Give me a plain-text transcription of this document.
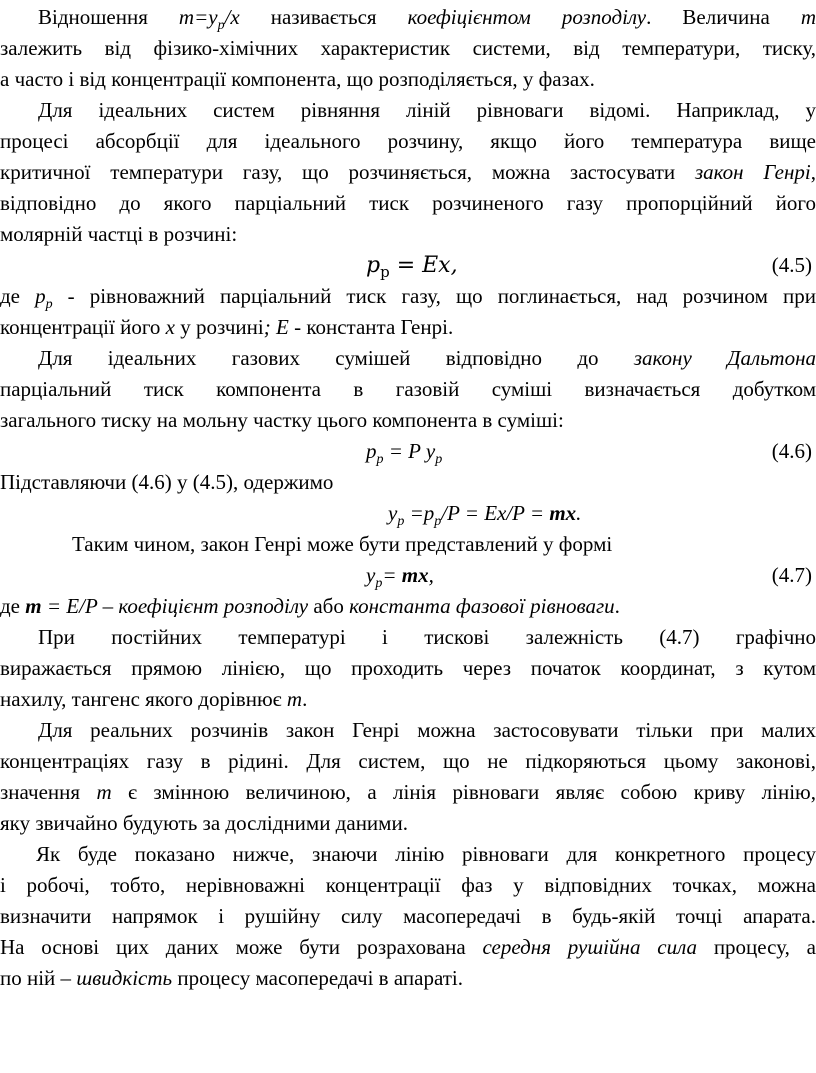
Відношення $m=y_p/x$ називається коефіцієнтом розподілу. Величина m
залежить від фізико-хімічних характеристик системи, від температури, тиску,
а часто і від концентрації компонента, що розподіляється, у фазах.
Для ідеальних систем рівняння ліній рівноваги відомі. Наприклад, у
процесі абсорбції для ідеального розчину, якщо його температура вище
критичної температури газу, що розчиняється, можна застосувати закон Генрі,
відповідно до якого парціальний тиск розчиненого газу пропорційний його
молярній частці в розчині:
$p_p = Ex$,	(4.5)
де $p_p$ - рівноважний парціальний тиск газу, що поглинається, над розчином при
концентрації його x у розчині; E - константа Генрі.
Для ідеальних газових сумішей відповідно до закону Дальтона
парціальний тиск компонента в газовій суміші визначається добутком
загального тиску на мольну частку цього компонента в суміші:
$p_p = P$ $y_p$	(4.6)
Підставляючи (4.6) у (4.5), одержимо
$y_p =p_p/P = Ex/P$ = mx.
Таким чином, закон Генрі може бути представлений у формі
$y_p=$ mx,	(4.7)
де m = E/P – коефіцієнт розподілу або константа фазової рівноваги.
При постійних температурі і тискові залежність (4.7) графічно
виражається прямою лінією, що проходить через початок координат, з кутом
нахилу, тангенс якого дорівнює m.
Для реальних розчинів закон Генрі можна застосовувати тільки при малих
концентраціях газу в рідині. Для систем, що не підкоряються цьому законові,
значення m є змінною величиною, а лінія рівноваги являє собою криву лінію,
яку звичайно будують за дослідними даними.
Як буде показано нижче, знаючи лінію рівноваги для конкретного процесу
і робочі, тобто, нерівноважні концентрації фаз у відповідних точках, можна
визначити напрямок і рушійну силу масопередачі в будь-якій точці апарата.
На основі цих даних може бути розрахована середня рушійна сила процесу, а
по ній – швидкість процесу масопередачі в апараті.
